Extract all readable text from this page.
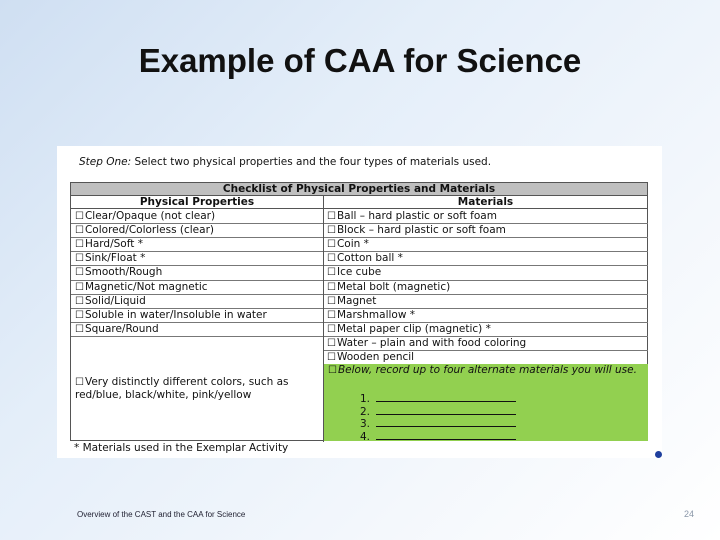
Example of CAA for Science
Step One: Select two physical properties and the four types of materials used.
Checklist of Physical Properties and Materials
Physical Properties	Materials
☐Clear/Opaque (not clear)
☐Colored/Colorless (clear)
☐Hard/Soft *
☐Sink/Float *
☐Smooth/Rough
☐Magnetic/Not magnetic
☐Solid/Liquid
☐Soluble in water/Insoluble in water
☐Square/Round
☐Ball – hard plastic or soft foam
☐Block – hard plastic or soft foam
☐Coin *
☐Cotton ball *
☐Ice cube
☐Metal bolt (magnetic)
☐Magnet
☐Marshmallow *
☐Metal paper clip (magnetic) *
☐Water – plain and with food coloring
☐Wooden pencil
☐Very distinctly different colors, such as red/blue, black/white, pink/yellow
☐Below, record up to four alternate materials you will use.
1.
2.
3.
4.
* Materials used in the Exemplar Activity
Overview of the CAST and the CAA for Science	24
